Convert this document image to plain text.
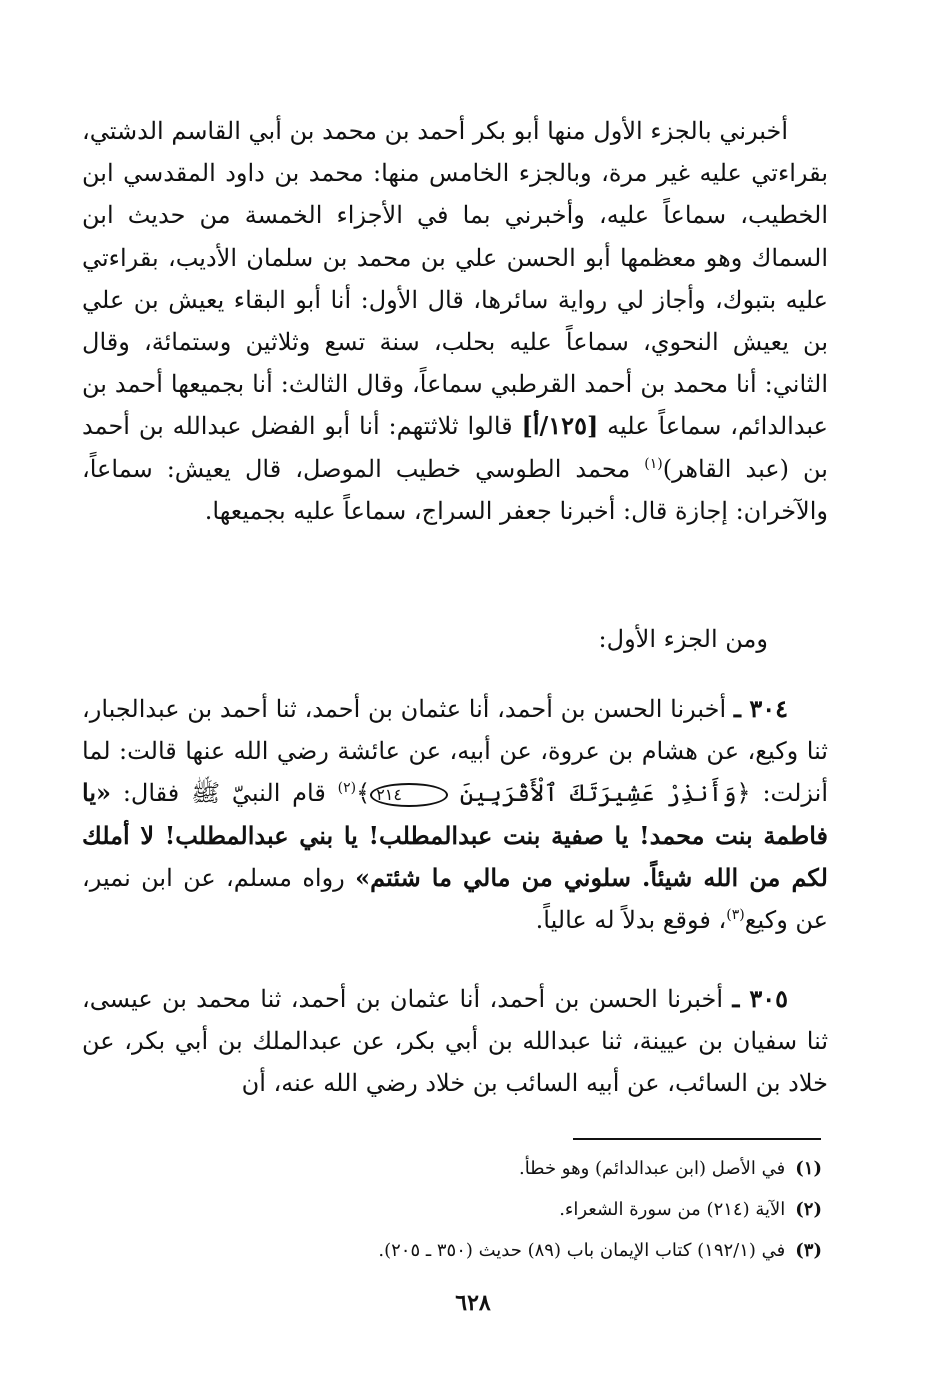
أخبرني بالجزء الأول منها أبو بكر أحمد بن محمد بن أبي القاسم الدشتي، بقراءتي عليه غير مرة، وبالجزء الخامس منها: محمد بن داود المقدسي ابن الخطيب، سماعاً عليه، وأخبرني بما في الأجزاء الخمسة من حديث ابن السماك وهو معظمها أبو الحسن علي بن محمد بن سلمان الأديب، بقراءتي عليه بتبوك، وأجاز لي رواية سائرها، قال الأول: أنا أبو البقاء يعيش بن علي بن يعيش النحوي، سماعاً عليه بحلب، سنة تسع وثلاثين وستمائة، وقال الثاني: أنا محمد بن أحمد القرطبي سماعاً، وقال الثالث: أنا بجميعها أحمد بن عبدالدائم، سماعاً عليه [١٢٥/أ] قالوا ثلاثتهم: أنا أبو الفضل عبدالله بن أحمد بن (عبد القاهر)$^{(١)}$ محمد الطوسي خطيب الموصل، قال يعيش: سماعاً، والآخران: إجازة قال: أخبرنا جعفر السراج، سماعاً عليه بجميعها.

ومن الجزء الأول:

٣٠٤ ـ أخبرنا الحسن بن أحمد، أنا عثمان بن أحمد، ثنا أحمد بن عبدالجبار، ثنا وكيع، عن هشام بن عروة، عن أبيه، عن عائشة رضي الله عنها قالت: لما أنزلت: ﴿وَأَنذِرْ عَشِيرَتَكَ ٱلْأَقْرَبِينَ ٢١٤﴾$^{(٢)}$ قام النبيّ ﷺ فقال: «يا فاطمة بنت محمد! يا صفية بنت عبدالمطلب! يا بني عبدالمطلب! لا أملك لكم من الله شيئاً. سلوني من مالي ما شئتم» رواه مسلم، عن ابن نمير، عن وكيع$^{(٣)}$، فوقع بدلاً له عالياً.

٣٠٥ ـ أخبرنا الحسن بن أحمد، أنا عثمان بن أحمد، ثنا محمد بن عيسى، ثنا سفيان بن عيينة، ثنا عبدالله بن أبي بكر، عن عبدالملك بن أبي بكر، عن خلاد بن السائب، عن أبيه السائب بن خلاد رضي الله عنه، أن

(١)في الأصل (ابن عبدالدائم) وهو خطأ.
(٢)الآية (٢١٤) من سورة الشعراء.
(٣)في (١٩٢/١) كتاب الإيمان باب (٨٩) حديث (٣٥٠ ـ ٢٠٥).
٦٢٨
